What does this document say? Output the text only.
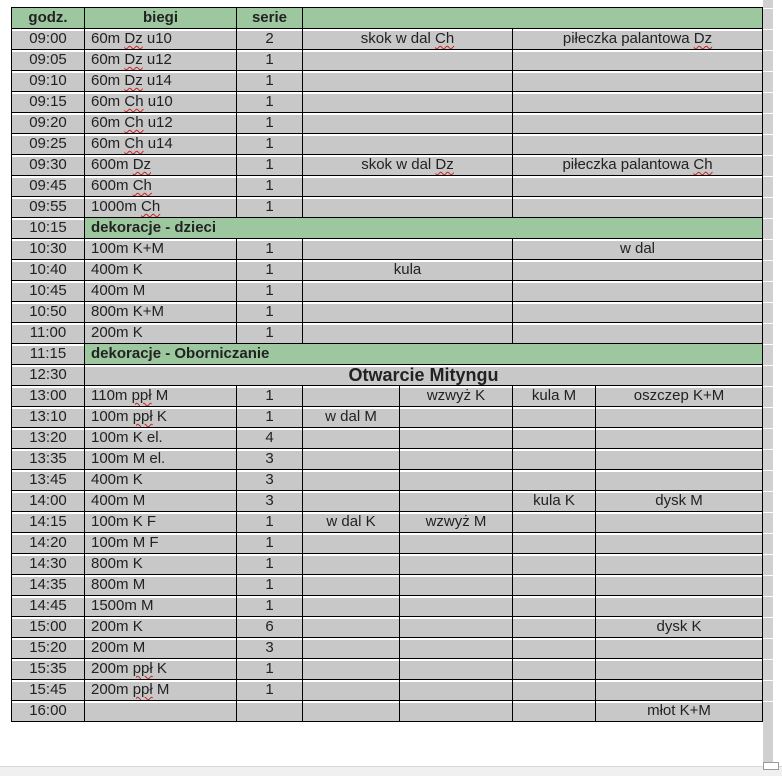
godz.	biegi	serie				
09:00	60m Dz u10	2	skok w dal Ch		piłeczka palantowa Dz	
09:05	60m Dz u12	1				
09:10	60m Dz u14	1				
09:15	60m Ch u10	1				
09:20	60m Ch u12	1				
09:25	60m Ch u14	1				
09:30	600m Dz	1	skok w dal Dz		piłeczka palantowa Ch	
09:45	600m Ch	1				
09:55	1000m Ch	1				
10:15	dekoracje - dzieci					
10:30	100m K+M	1			w dal	
10:40	400m K	1	kula			
10:45	400m M	1				
10:50	800m K+M	1				
11:00	200m K	1				
11:15	dekoracje - Oborniczanie					
12:30	Otwarcie Mityngu					
13:00	110m ppł M	1		wzwyż K	kula M	oszczep K+M
13:10	100m ppł K	1	w dal M			
13:20	100m K el.	4				
13:35	100m M el.	3				
13:45	400m K	3				
14:00	400m M	3			kula K	dysk M
14:15	100m K F	1	w dal K	wzwyż M		
14:20	100m M F	1				
14:30	800m K	1				
14:35	800m M	1				
14:45	1500m M	1				
15:00	200m K	6				dysk K
15:20	200m M	3				
15:35	200m ppł K	1				
15:45	200m ppł M	1				
16:00						młot K+M
